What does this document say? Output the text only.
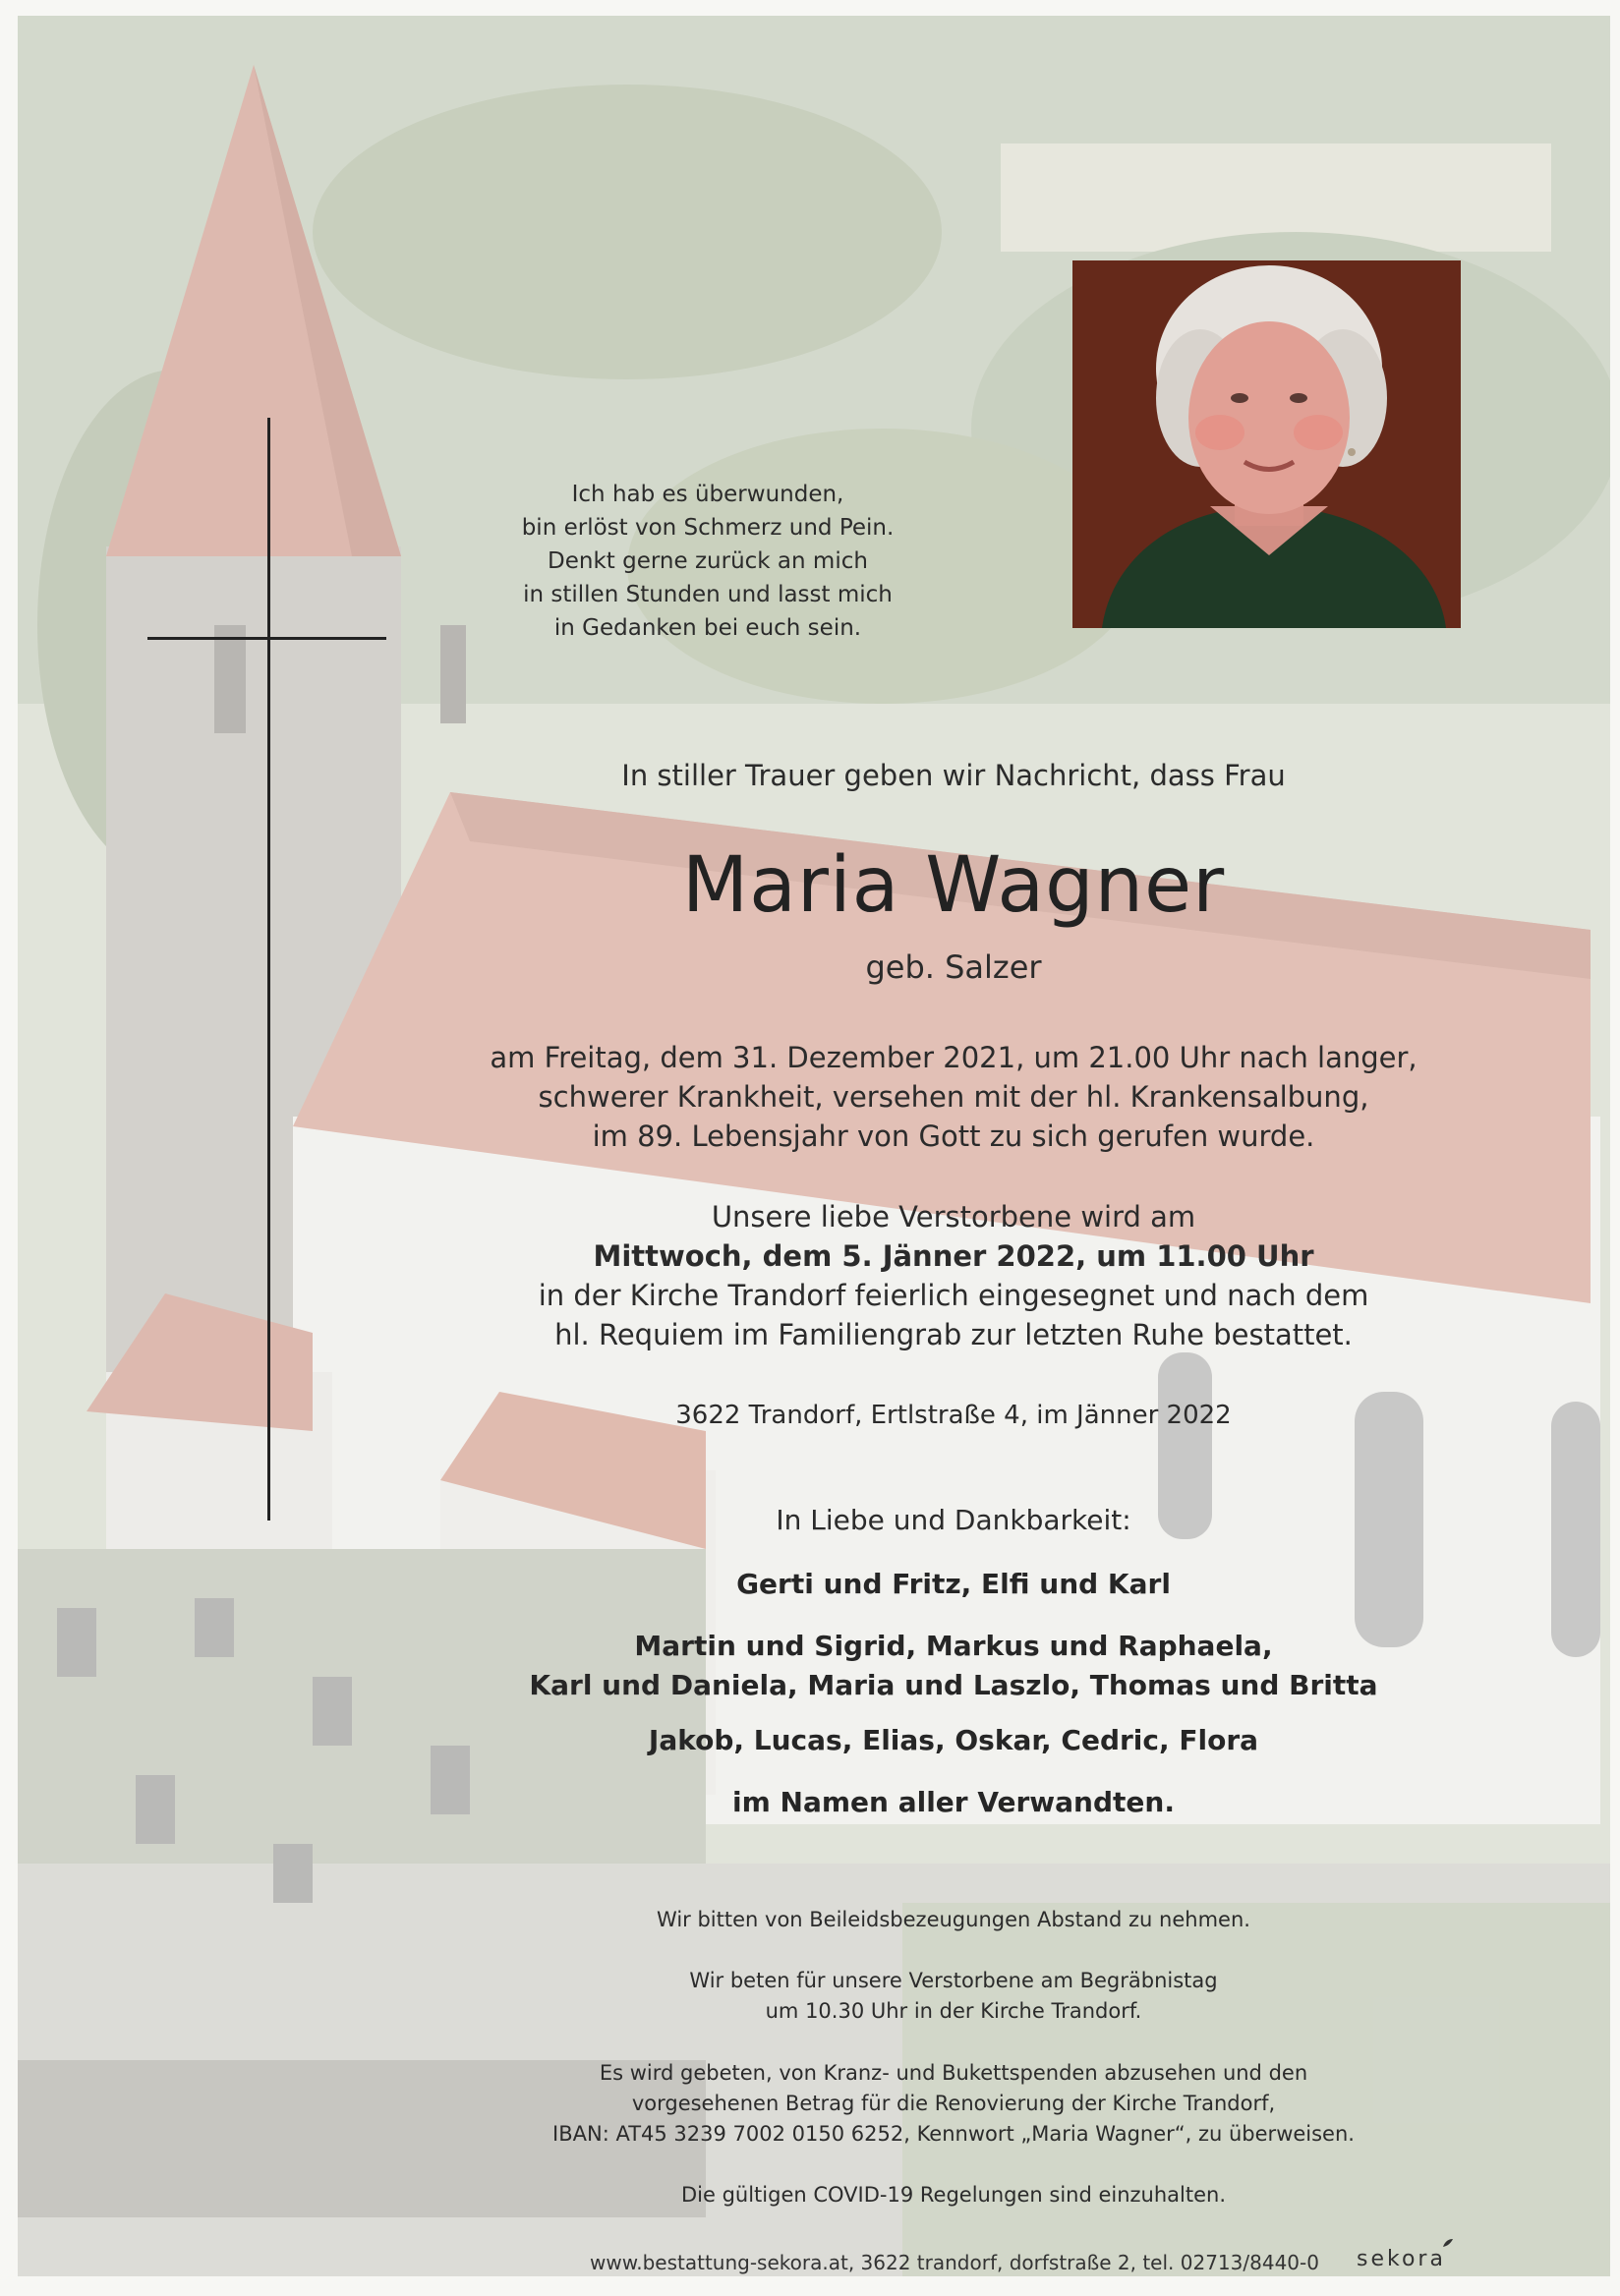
Ich hab es überwunden,
bin erlöst von Schmerz und Pein.
Denkt gerne zurück an mich
in stillen Stunden und lasst mich
in Gedanken bei euch sein.
In stiller Trauer geben wir Nachricht, dass Frau
Maria Wagner
geb. Salzer
am Freitag, dem 31. Dezember 2021, um 21.00 Uhr nach langer,
schwerer Krankheit, versehen mit der hl. Krankensalbung,
im 89. Lebensjahr von Gott zu sich gerufen wurde.
Unsere liebe Verstorbene wird am
Mittwoch, dem 5. Jänner 2022, um 11.00 Uhr
in der Kirche Trandorf feierlich eingesegnet und nach dem
hl. Requiem im Familiengrab zur letzten Ruhe bestattet.
3622 Trandorf, Ertlstraße 4, im Jänner 2022
In Liebe und Dankbarkeit:
Gerti und Fritz, Elfi und Karl
Martin und Sigrid, Markus und Raphaela,
Karl und Daniela, Maria und Laszlo, Thomas und Britta
Jakob, Lucas, Elias, Oskar, Cedric, Flora
im Namen aller Verwandten.
Wir bitten von Beileidsbezeugungen Abstand zu nehmen.
Wir beten für unsere Verstorbene am Begräbnistag
um 10.30 Uhr in der Kirche Trandorf.
Es wird gebeten, von Kranz- und Bukettspenden abzusehen und den
vorgesehenen Betrag für die Renovierung der Kirche Trandorf,
IBAN: AT45 3239 7002 0150 6252, Kennwort „Maria Wagner“, zu überweisen.
Die gültigen COVID-19 Regelungen sind einzuhalten.
www.bestattung-sekora.at, 3622 trandorf, dorfstraße 2, tel. 02713/8440-0 sekora
